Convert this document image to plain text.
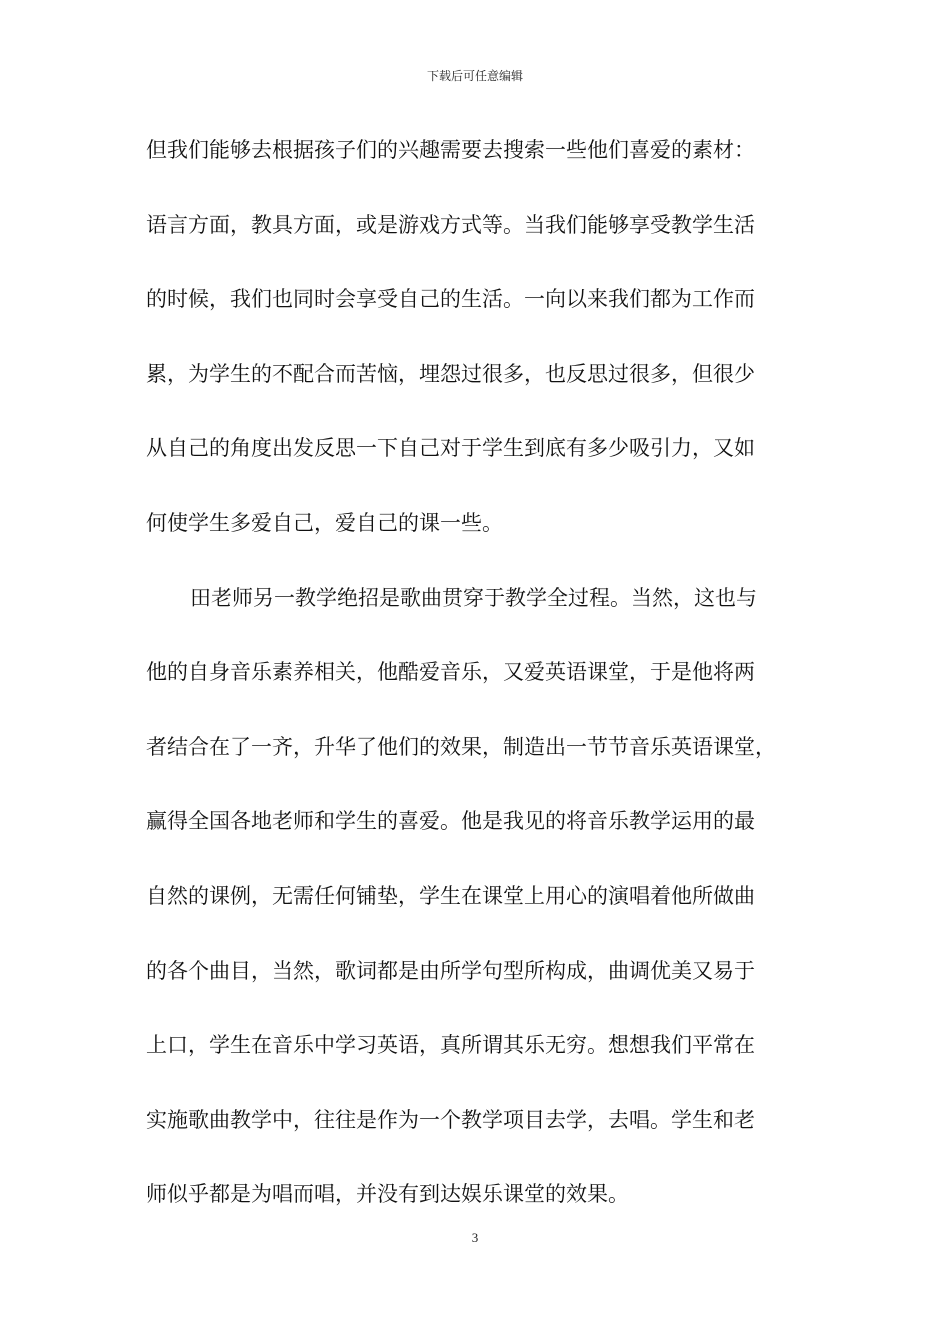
下载后可任意编辑
但我们能够去根据孩子们的兴趣需要去搜索一些他们喜爱的素材：
语言方面，教具方面，或是游戏方式等。当我们能够享受教学生活
的时候，我们也同时会享受自己的生活。一向以来我们都为工作而
累，为学生的不配合而苦恼，埋怨过很多，也反思过很多，但很少
从自己的角度出发反思一下自己对于学生到底有多少吸引力，又如
何使学生多爱自己，爱自己的课一些。
田老师另一教学绝招是歌曲贯穿于教学全过程。当然，这也与
他的自身音乐素养相关，他酷爱音乐，又爱英语课堂，于是他将两
者结合在了一齐，升华了他们的效果，制造出一节节音乐英语课堂，
赢得全国各地老师和学生的喜爱。他是我见的将音乐教学运用的最
自然的课例，无需任何铺垫，学生在课堂上用心的演唱着他所做曲
的各个曲目，当然，歌词都是由所学句型所构成，曲调优美又易于
上口，学生在音乐中学习英语，真所谓其乐无穷。想想我们平常在
实施歌曲教学中，往往是作为一个教学项目去学，去唱。学生和老
师似乎都是为唱而唱，并没有到达娱乐课堂的效果。
3
